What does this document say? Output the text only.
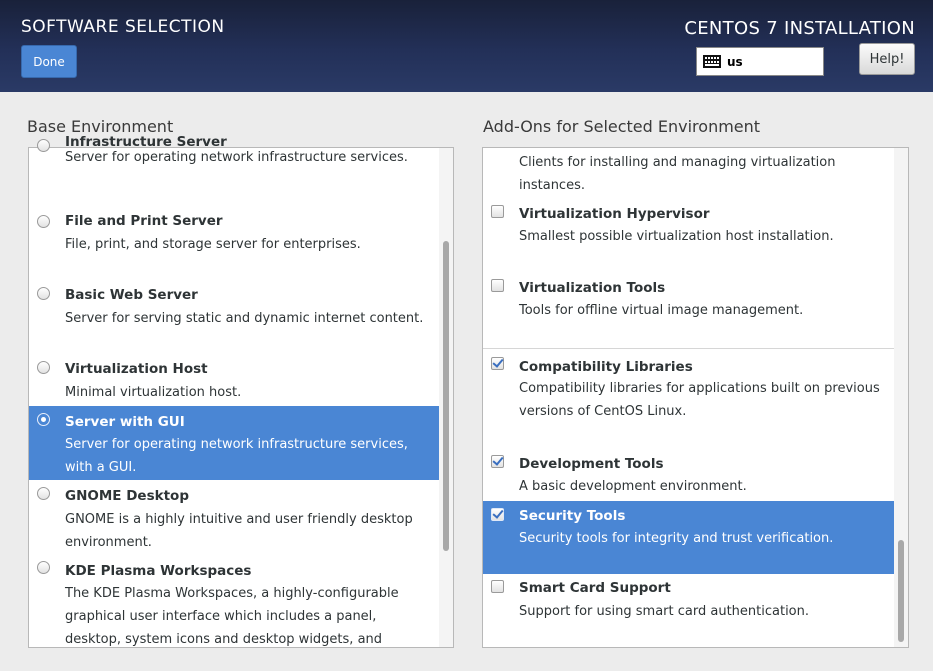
SOFTWARE SELECTION
Done
CENTOS 7 INSTALLATION
us	Help!
Base Environment	Add-Ons for Selected Environment
Infrastructure Server
Server for operating network infrastructure services.
File and Print Server
File, print, and storage server for enterprises.
Basic Web Server
Server for serving static and dynamic internet content.
Virtualization Host
Minimal virtualization host.
Server with GUI
Server for operating network infrastructure services, with a GUI.
GNOME Desktop
GNOME is a highly intuitive and user friendly desktop environment.
KDE Plasma Workspaces
The KDE Plasma Workspaces, a highly-configurable graphical user interface which includes a panel, desktop, system icons and desktop widgets, and
Clients for installing and managing virtualization instances.
Virtualization Hypervisor
Smallest possible virtualization host installation.
Virtualization Tools
Tools for offline virtual image management.
Compatibility Libraries
Compatibility libraries for applications built on previous versions of CentOS Linux.
Development Tools
A basic development environment.
Security Tools
Security tools for integrity and trust verification.
Smart Card Support
Support for using smart card authentication.
